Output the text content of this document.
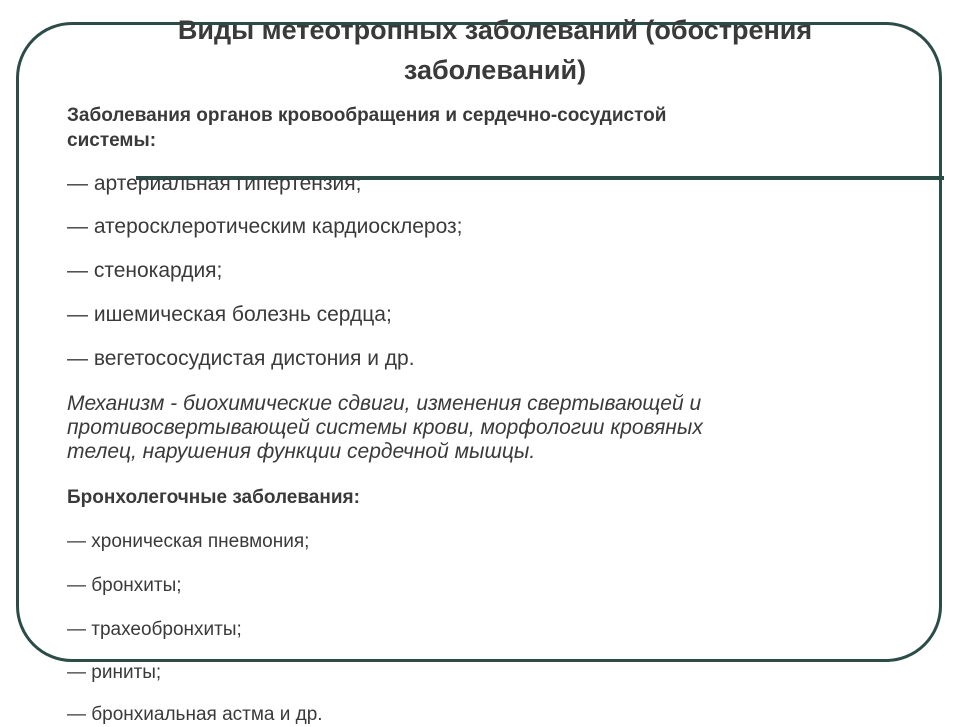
Виды метеотропных заболеваний (обострения
заболеваний)

Заболевания органов кровообращения и сердечно-сосудистой

системы:

— артериальная гипертензия;

— атеросклеротическим кардиосклероз;

— стенокардия;

— ишемическая болезнь сердца;

— вегетососудистая дистония и др.

Механизм - биохимические сдвиги, изменения свертывающей и

противосвертывающей системы крови, морфологии кровяных

телец, нарушения функции сердечной мышцы.

Бронхолегочные заболевания:

— хроническая пневмония;

— бронхиты;

— трахеобронхиты;

— риниты;

— бронхиальная астма и др.
